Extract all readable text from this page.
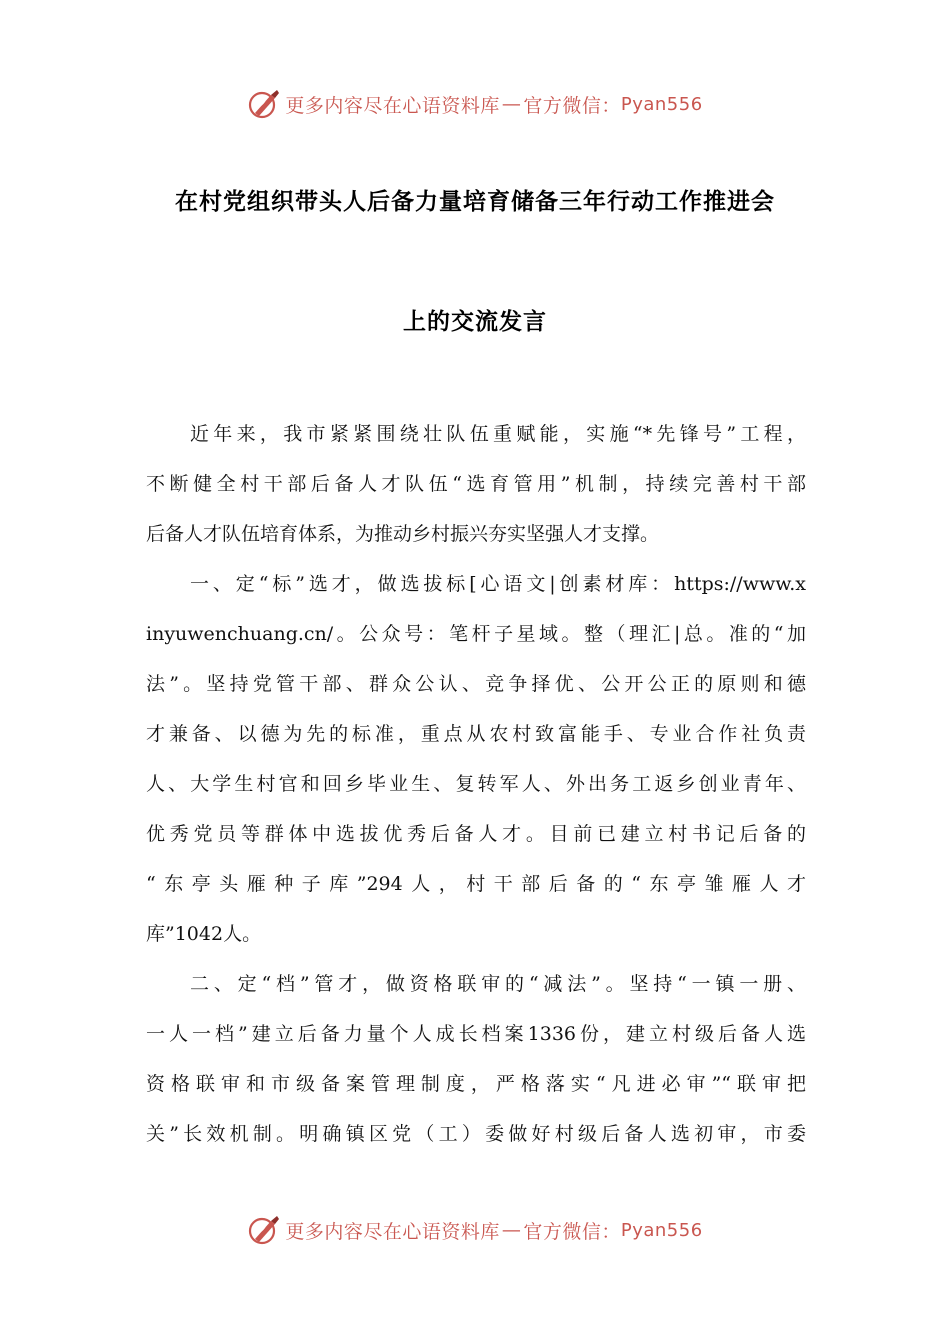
更多内容尽在心语资料库 — 官方微信： Pyan556
在村党组织带头人后备力量培育储备三年行动工作推进会
上的交流发言
近年来，我市紧紧围绕壮队伍重赋能，实施“*先锋号”工程，
不断健全村干部后备人才队伍“选育管用”机制，持续完善村干部
后备人才队伍培育体系，为推动乡村振兴夯实坚强人才支撑。
一、定“标”选才，做选拔标[心语文|创素材库：https://www.x
inyuwenchuang.cn/。公众号：笔杆子星域。整（理汇|总。准的“加
法”。坚持党管干部、群众公认、竞争择优、公开公正的原则和德
才兼备、以德为先的标准，重点从农村致富能手、专业合作社负责
人、大学生村官和回乡毕业生、复转军人、外出务工返乡创业青年、
优秀党员等群体中选拔优秀后备人才。目前已建立村书记后备的
“东亭头雁种子库”294人，村干部后备的“东亭雏雁人才
库”1042人。
二、定“档”管才，做资格联审的“减法”。坚持“一镇一册、
一人一档”建立后备力量个人成长档案1336份，建立村级后备人选
资格联审和市级备案管理制度，严格落实“凡进必审”“联审把
关”长效机制。明确镇区党（工）委做好村级后备人选初审，市委
更多内容尽在心语资料库 — 官方微信： Pyan556
